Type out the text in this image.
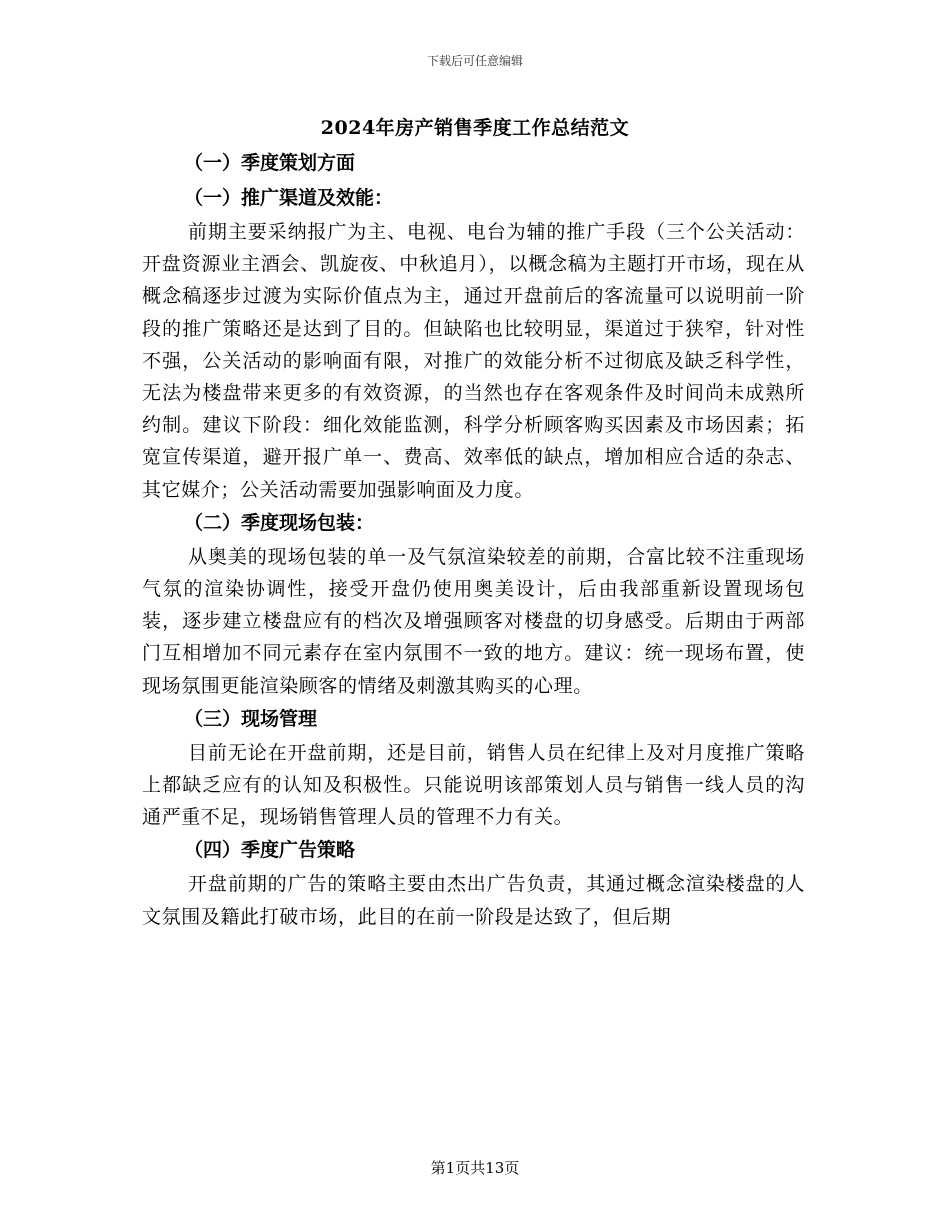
下载后可任意编辑
2024年房产销售季度工作总结范文
（一）季度策划方面
（一）推广渠道及效能：

前期主要采纳报广为主、电视、电台为辅的推广手段（三个公关活动：开盘资源业主酒会、凯旋夜、中秋追月），以概念稿为主题打开市场，现在从概念稿逐步过渡为实际价值点为主，通过开盘前后的客流量可以说明前一阶段的推广策略还是达到了目的。但缺陷也比较明显，渠道过于狭窄，针对性不强，公关活动的影响面有限，对推广的效能分析不过彻底及缺乏科学性，无法为楼盘带来更多的有效资源，的当然也存在客观条件及时间尚未成熟所约制。建议下阶段：细化效能监测，科学分析顾客购买因素及市场因素；拓宽宣传渠道，避开报广单一、费高、效率低的缺点，增加相应合适的杂志、其它媒介；公关活动需要加强影响面及力度。

（二）季度现场包装：

从奥美的现场包装的单一及气氛渲染较差的前期，合富比较不注重现场气氛的渲染协调性，接受开盘仍使用奥美设计，后由我部重新设置现场包装，逐步建立楼盘应有的档次及增强顾客对楼盘的切身感受。后期由于两部门互相增加不同元素存在室内氛围不一致的地方。建议：统一现场布置，使现场氛围更能渲染顾客的情绪及刺激其购买的心理。

（三）现场管理

目前无论在开盘前期，还是目前，销售人员在纪律上及对月度推广策略上都缺乏应有的认知及积极性。只能说明该部策划人员与销售一线人员的沟通严重不足，现场销售管理人员的管理不力有关。

（四）季度广告策略

开盘前期的广告的策略主要由杰出广告负责，其通过概念渲染楼盘的人文氛围及籍此打破市场，此目的在前一阶段是达致了，但后期

第1页共13页
